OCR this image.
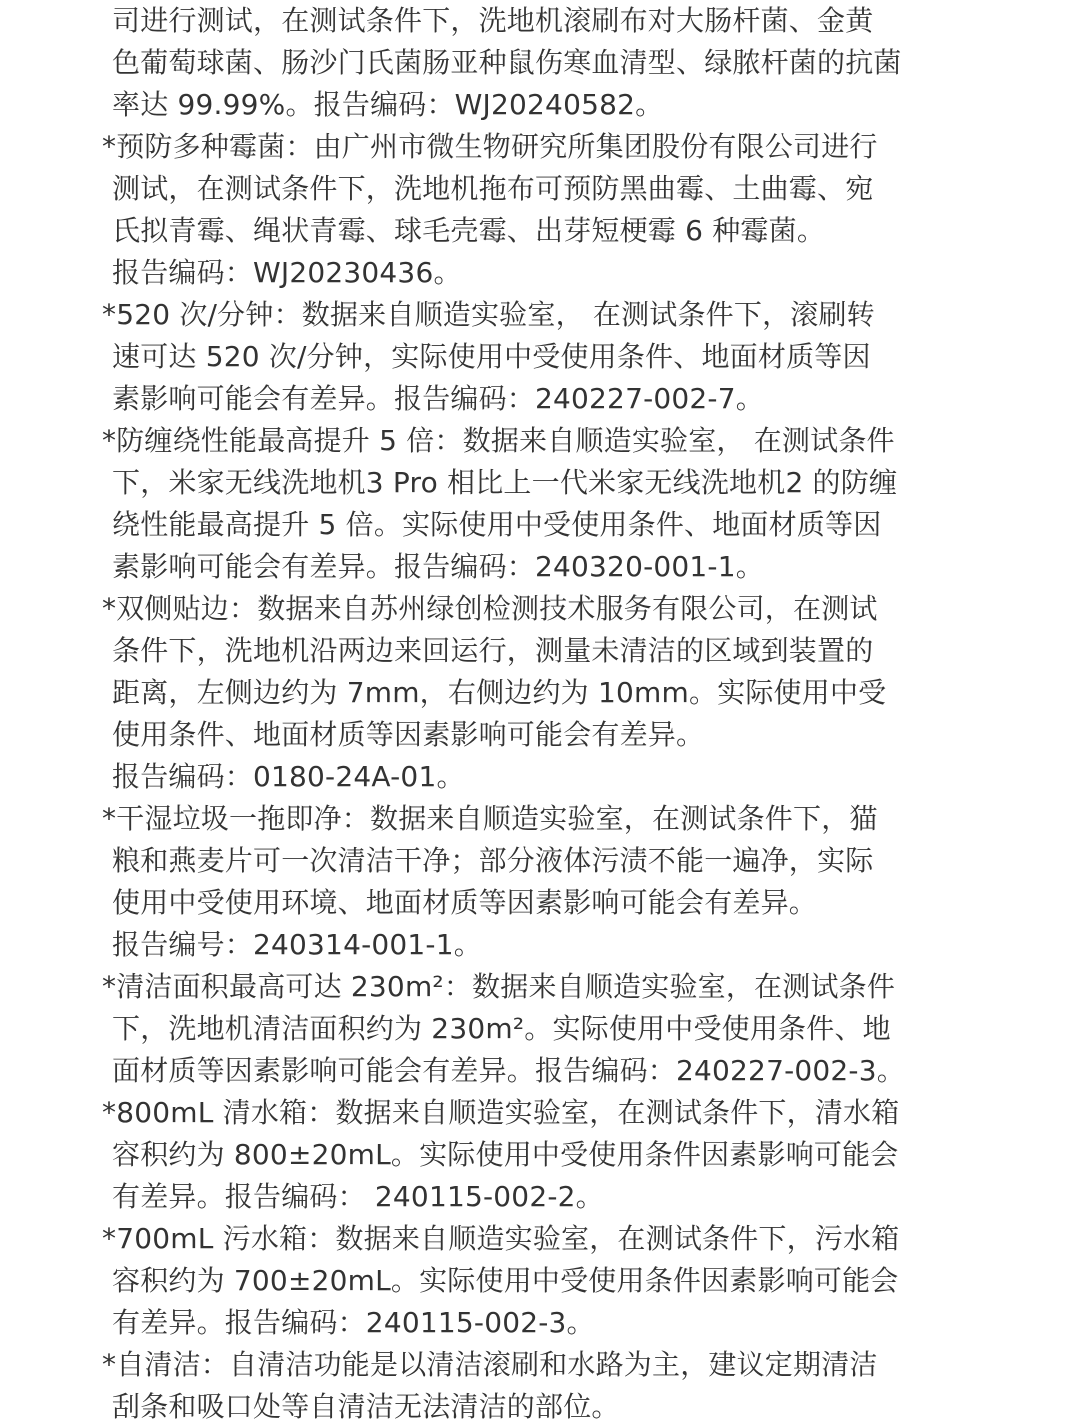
司进行测试，在测试条件下，洗地机滚刷布对大肠杆菌、金黄
色葡萄球菌、肠沙门氏菌肠亚种鼠伤寒血清型、绿脓杆菌的抗菌
率达 99.99%。报告编码：WJ20240582。
*预防多种霉菌：由广州市微生物研究所集团股份有限公司进行
测试，在测试条件下，洗地机拖布可预防黑曲霉、土曲霉、宛
氏拟青霉、绳状青霉、球毛壳霉、出芽短梗霉 6 种霉菌。
报告编码：WJ20230436。
*520 次/分钟：数据来自顺造实验室， 在测试条件下，滚刷转
速可达 520 次/分钟，实际使用中受使用条件、地面材质等因
素影响可能会有差异。报告编码：240227-002-7。
*防缠绕性能最高提升 5 倍：数据来自顺造实验室， 在测试条件
下，米家无线洗地机3 Pro 相比上一代米家无线洗地机2 的防缠
绕性能最高提升 5 倍。实际使用中受使用条件、地面材质等因
素影响可能会有差异。报告编码：240320-001-1。
*双侧贴边：数据来自苏州绿创检测技术服务有限公司，在测试
条件下，洗地机沿两边来回运行，测量未清洁的区域到装置的
距离，左侧边约为 7mm，右侧边约为 10mm。实际使用中受
使用条件、地面材质等因素影响可能会有差异。
报告编码：0180-24A-01。
*干湿垃圾一拖即净：数据来自顺造实验室，在测试条件下，猫
粮和燕麦片可一次清洁干净；部分液体污渍不能一遍净，实际
使用中受使用环境、地面材质等因素影响可能会有差异。
报告编号：240314-001-1。
*清洁面积最高可达 230m²：数据来自顺造实验室，在测试条件
下，洗地机清洁面积约为 230m²。实际使用中受使用条件、地
面材质等因素影响可能会有差异。报告编码：240227-002-3。
*800mL 清水箱：数据来自顺造实验室，在测试条件下，清水箱
容积约为 800±20mL。实际使用中受使用条件因素影响可能会
有差异。报告编码： 240115-002-2。
*700mL 污水箱：数据来自顺造实验室，在测试条件下，污水箱
容积约为 700±20mL。实际使用中受使用条件因素影响可能会
有差异。报告编码：240115-002-3。
*自清洁：自清洁功能是以清洁滚刷和水路为主，建议定期清洁
刮条和吸口处等自清洁无法清洁的部位。
